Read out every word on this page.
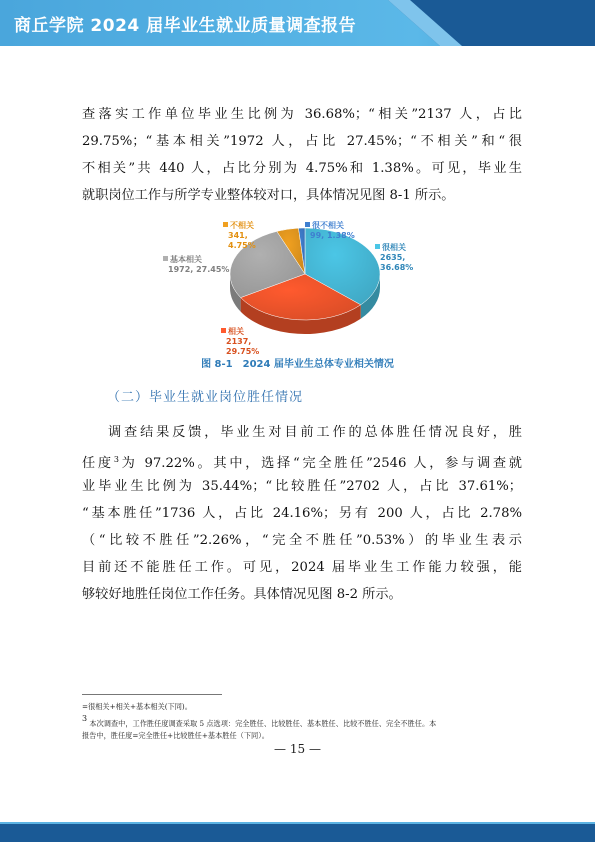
商丘学院 2024 届毕业生就业质量调查报告
查落实工作单位毕业生比例为 36.68%；“相关”2137 人，占比
29.75%；“基本相关”1972 人，占比 27.45%；“不相关”和“很
不相关”共 440 人，占比分别为 4.75%和 1.38%。可见，毕业生
就职岗位工作与所学专业整体较对口，具体情况见图 8-1 所示。
很相关
2635,
36.68%
相关
2137,
29.75%
基本相关
1972, 27.45%
不相关
341,
4.75%
很不相关
99, 1.38%
图 8-1　2024 届毕业生总体专业相关情况
（二）毕业生就业岗位胜任情况
调查结果反馈，毕业生对目前工作的总体胜任情况良好，胜
任度$^3$为 97.22%。其中，选择“完全胜任”2546 人，参与调查就
业毕业生比例为 35.44%；“比较胜任”2702 人，占比 37.61%；
“基本胜任”1736 人，占比 24.16%；另有 200 人，占比 2.78%
（“比较不胜任”2.26%，“完全不胜任”0.53%）的毕业生表示
目前还不能胜任工作。可见，2024 届毕业生工作能力较强，能
够较好地胜任岗位工作任务。具体情况见图 8-2 所示。
=很相关+相关+基本相关(下同)。
3 本次调查中，工作胜任度调查采取 5 点选项：完全胜任、比较胜任、基本胜任、比较不胜任、完全不胜任。本
报告中，胜任度=完全胜任+比较胜任+基本胜任（下同）。
— 15 —
